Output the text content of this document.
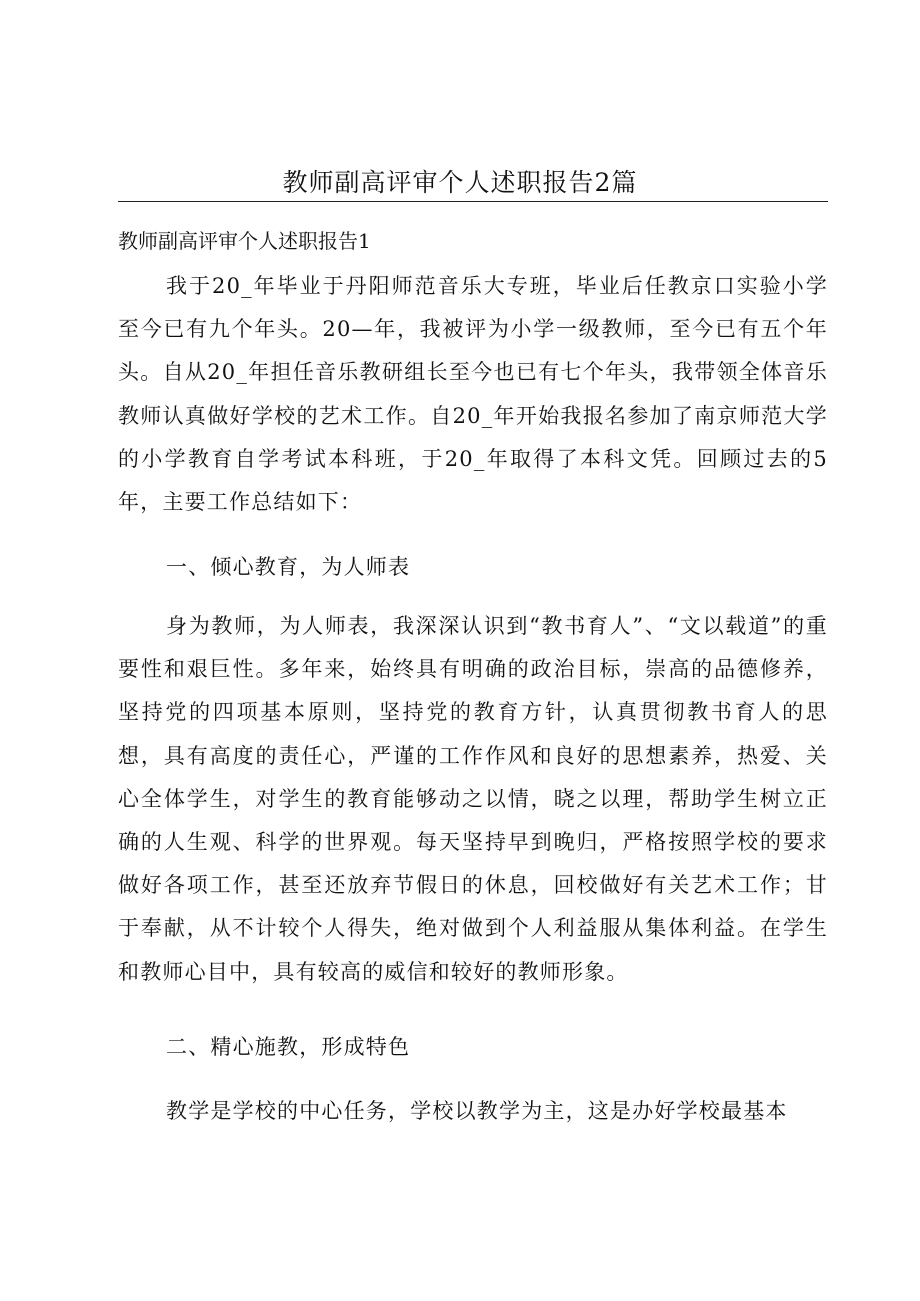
教师副高评审个人述职报告2篇
教师副高评审个人述职报告1

我于20_年毕业于丹阳师范音乐大专班，毕业后任教京口实验小学至今已有九个年头。20—年，我被评为小学一级教师，至今已有五个年头。自从20_年担任音乐教研组长至今也已有七个年头，我带领全体音乐教师认真做好学校的艺术工作。自20_年开始我报名参加了南京师范大学的小学教育自学考试本科班，于20_年取得了本科文凭。回顾过去的5年，主要工作总结如下：

一、倾心教育，为人师表

身为教师，为人师表，我深深认识到“教书育人”、“文以载道”的重要性和艰巨性。多年来，始终具有明确的政治目标，崇高的品德修养，坚持党的四项基本原则，坚持党的教育方针，认真贯彻教书育人的思想，具有高度的责任心，严谨的工作作风和良好的思想素养，热爱、关心全体学生，对学生的教育能够动之以情，晓之以理，帮助学生树立正确的人生观、科学的世界观。每天坚持早到晚归，严格按照学校的要求做好各项工作，甚至还放弃节假日的休息，回校做好有关艺术工作；甘于奉献，从不计较个人得失，绝对做到个人利益服从集体利益。在学生和教师心目中，具有较高的威信和较好的教师形象。

二、精心施教，形成特色

教学是学校的中心任务，学校以教学为主，这是办好学校最基本
